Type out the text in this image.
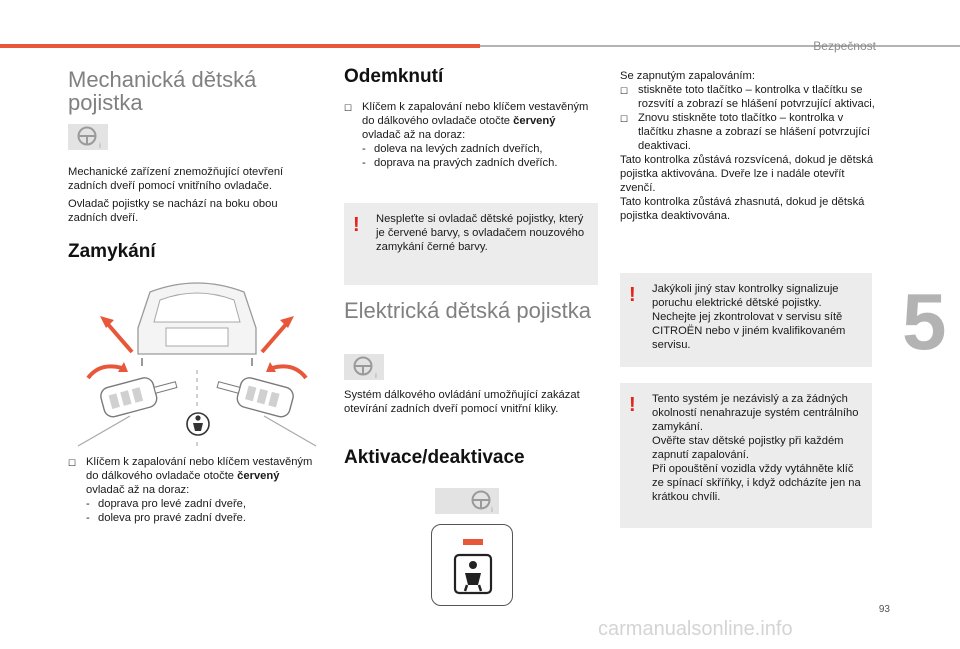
Bezpečnost
5
Mechanická dětská
pojistka
i
Mechanické zařízení znemožňující otevření zadních dveří pomocí vnitřního ovladače.
Ovladač pojistky se nachází na boku obou zadních dveří.
Zamykání
☐ Klíčem k zapalování nebo klíčem vestavěným do dálkového ovladače otočte červený ovladač až na doraz:
- doprava pro levé zadní dveře,
- doleva pro pravé zadní dveře.
Odemknutí
☐ Klíčem k zapalování nebo klíčem vestavěným do dálkového ovladače otočte červený ovladač až na doraz:
- doleva na levých zadních dveřích,
- doprava na pravých zadních dveřích.
! Nespleťte si ovladač dětské pojistky, který je červené barvy, s ovladačem nouzového zamykání černé barvy.
Elektrická dětská pojistka
i
Systém dálkového ovládání umožňující zakázat otevírání zadních dveří pomocí vnitřní kliky.
Aktivace/deaktivace
i
Se zapnutým zapalováním:
☐ stiskněte toto tlačítko – kontrolka v tlačítku se rozsvítí a zobrazí se hlášení potvrzující aktivaci,
☐ Znovu stiskněte toto tlačítko – kontrolka v tlačítku zhasne a zobrazí se hlášení potvrzující deaktivaci.
Tato kontrolka zůstává rozsvícená, dokud je dětská pojistka aktivována. Dveře lze i nadále otevřít zvenčí.
Tato kontrolka zůstává zhasnutá, dokud je dětská pojistka deaktivována.
! Jakýkoli jiný stav kontrolky signalizuje poruchu elektrické dětské pojistky. Nechejte jej zkontrolovat v servisu sítě CITROËN nebo v jiném kvalifikovaném servisu.
! Tento systém je nezávislý a za žádných okolností nenahrazuje systém centrálního zamykání.
Ověřte stav dětské pojistky při každém zapnutí zapalování.
Při opouštění vozidla vždy vytáhněte klíč ze spínací skříňky, i když odcházíte jen na krátkou chvíli.
93
carmanualsonline.info
